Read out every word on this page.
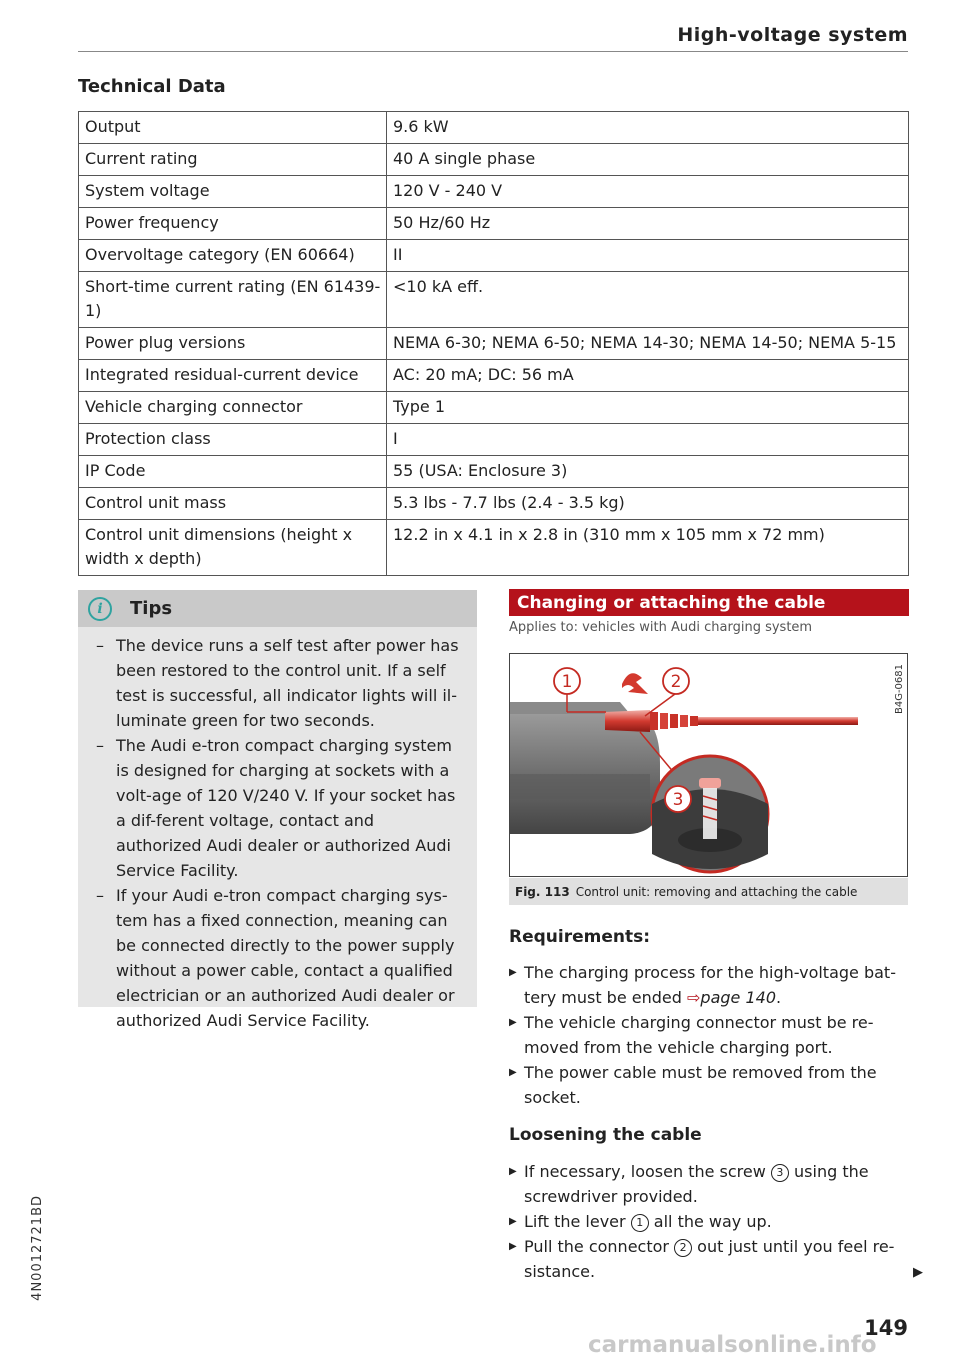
High-voltage system
Technical Data
Output	9.6 kW
Current rating	40 A single phase
System voltage	120 V - 240 V
Power frequency	50 Hz/60 Hz
Overvoltage category (EN 60664)	II
Short-time current rating (EN 61439-1)	<10 kA eff.
Power plug versions	NEMA 6-30; NEMA 6-50; NEMA 14-30; NEMA 14-50; NEMA 5-15
Integrated residual-current device	AC: 20 mA; DC: 56 mA
Vehicle charging connector	Type 1
Protection class	I
IP Code	55 (USA: Enclosure 3)
Control unit mass	5.3 lbs - 7.7 lbs (2.4 - 3.5 kg)
Control unit dimensions (height x width x depth)	12.2 in x 4.1 in x 2.8 in (310 mm x 105 mm x 72 mm)
i	Tips
– The device runs a self test after power has been restored to the control unit. If a self test is successful, all indicator lights will il-luminate green for two seconds.
– The Audi e-tron compact charging system is designed for charging at sockets with a volt-age of 120 V/240 V. If your socket has a dif-ferent voltage, contact and authorized Audi dealer or authorized Audi Service Facility.
– If your Audi e-tron compact charging sys-tem has a fixed connection, meaning can be connected directly to the power supply without a power cable, contact a qualified electrician or an authorized Audi dealer or authorized Audi Service Facility.
Changing or attaching the cable
Applies to: vehicles with Audi charging system
1	2
3
B4G-0681
Fig. 113 Control unit: removing and attaching the cable
Requirements:
▶ The charging process for the high-voltage bat-tery must be ended ⇨page 140.
▶ The vehicle charging connector must be re-moved from the vehicle charging port.
▶ The power cable must be removed from the socket.
Loosening the cable
▶ If necessary, loosen the screw 3 using the screwdriver provided.
▶ Lift the lever 1 all the way up.
▶ Pull the connector 2 out just until you feel re-sistance.	▶
149
4N0012721BD
carmanualsonline.info
